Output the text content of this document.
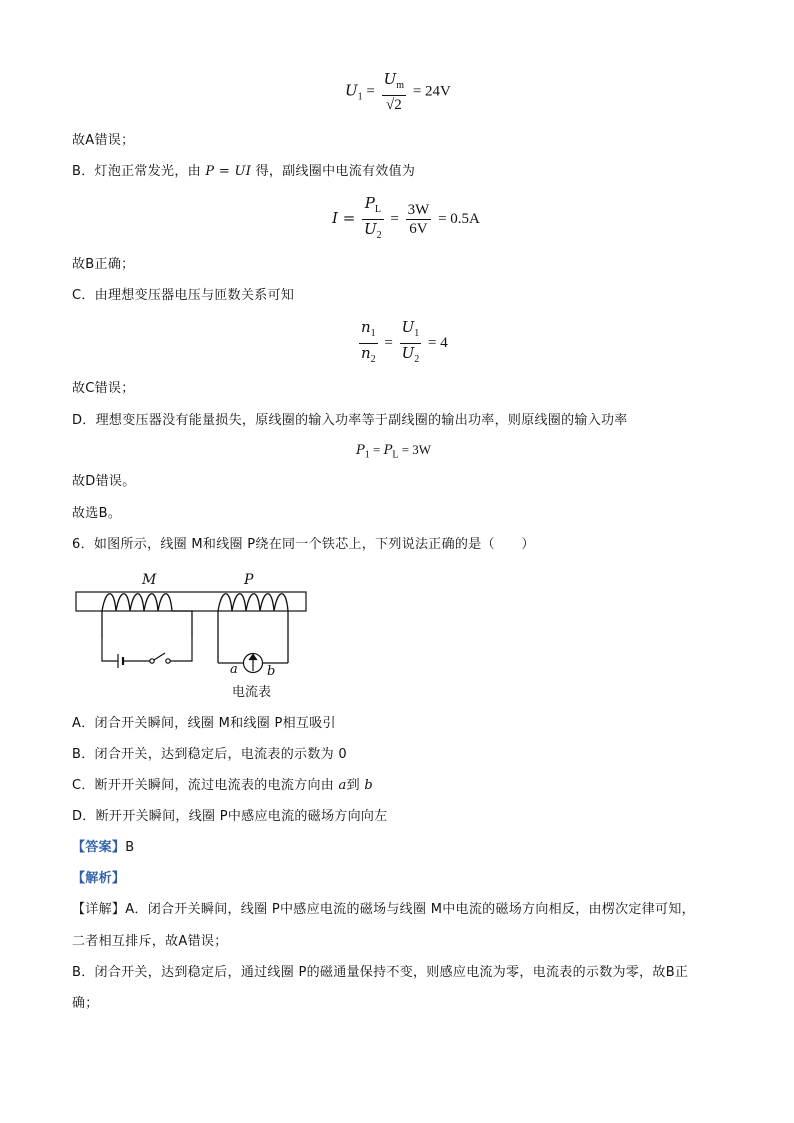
$U_1 = \frac{U_m}{√2} = 24V$
故A错误；
B．灯泡正常发光，由 P = UI 得，副线圈中电流有效值为
$I = \frac{P_L}{U_2} = \frac{3W}{6V} = 0.5A$
故B正确；
C．由理想变压器电压与匝数关系可知
$\frac{n_1}{n_2} = \frac{U_1}{U_2} = 4$
故C错误；
D．理想变压器没有能量损失，原线圈的输入功率等于副线圈的输出功率，则原线圈的输入功率
$P_1 = P_L = 3W$
故D错误。
故选B。
6．如图所示，线圈 M和线圈 P绕在同一个铁芯上，下列说法正确的是（　　）
M	P
a b
电流表
A．闭合开关瞬间，线圈 M和线圈 P相互吸引
B．闭合开关，达到稳定后，电流表的示数为 0
C．断开开关瞬间，流过电流表的电流方向由 a到 b
D．断开开关瞬间，线圈 P中感应电流的磁场方向向左
【答案】B
【解析】
【详解】A．闭合开关瞬间，线圈 P中感应电流的磁场与线圈 M中电流的磁场方向相反，由楞次定律可知，
二者相互排斥，故A错误；
B．闭合开关，达到稳定后，通过线圈 P的磁通量保持不变，则感应电流为零，电流表的示数为零，故B正
确；
